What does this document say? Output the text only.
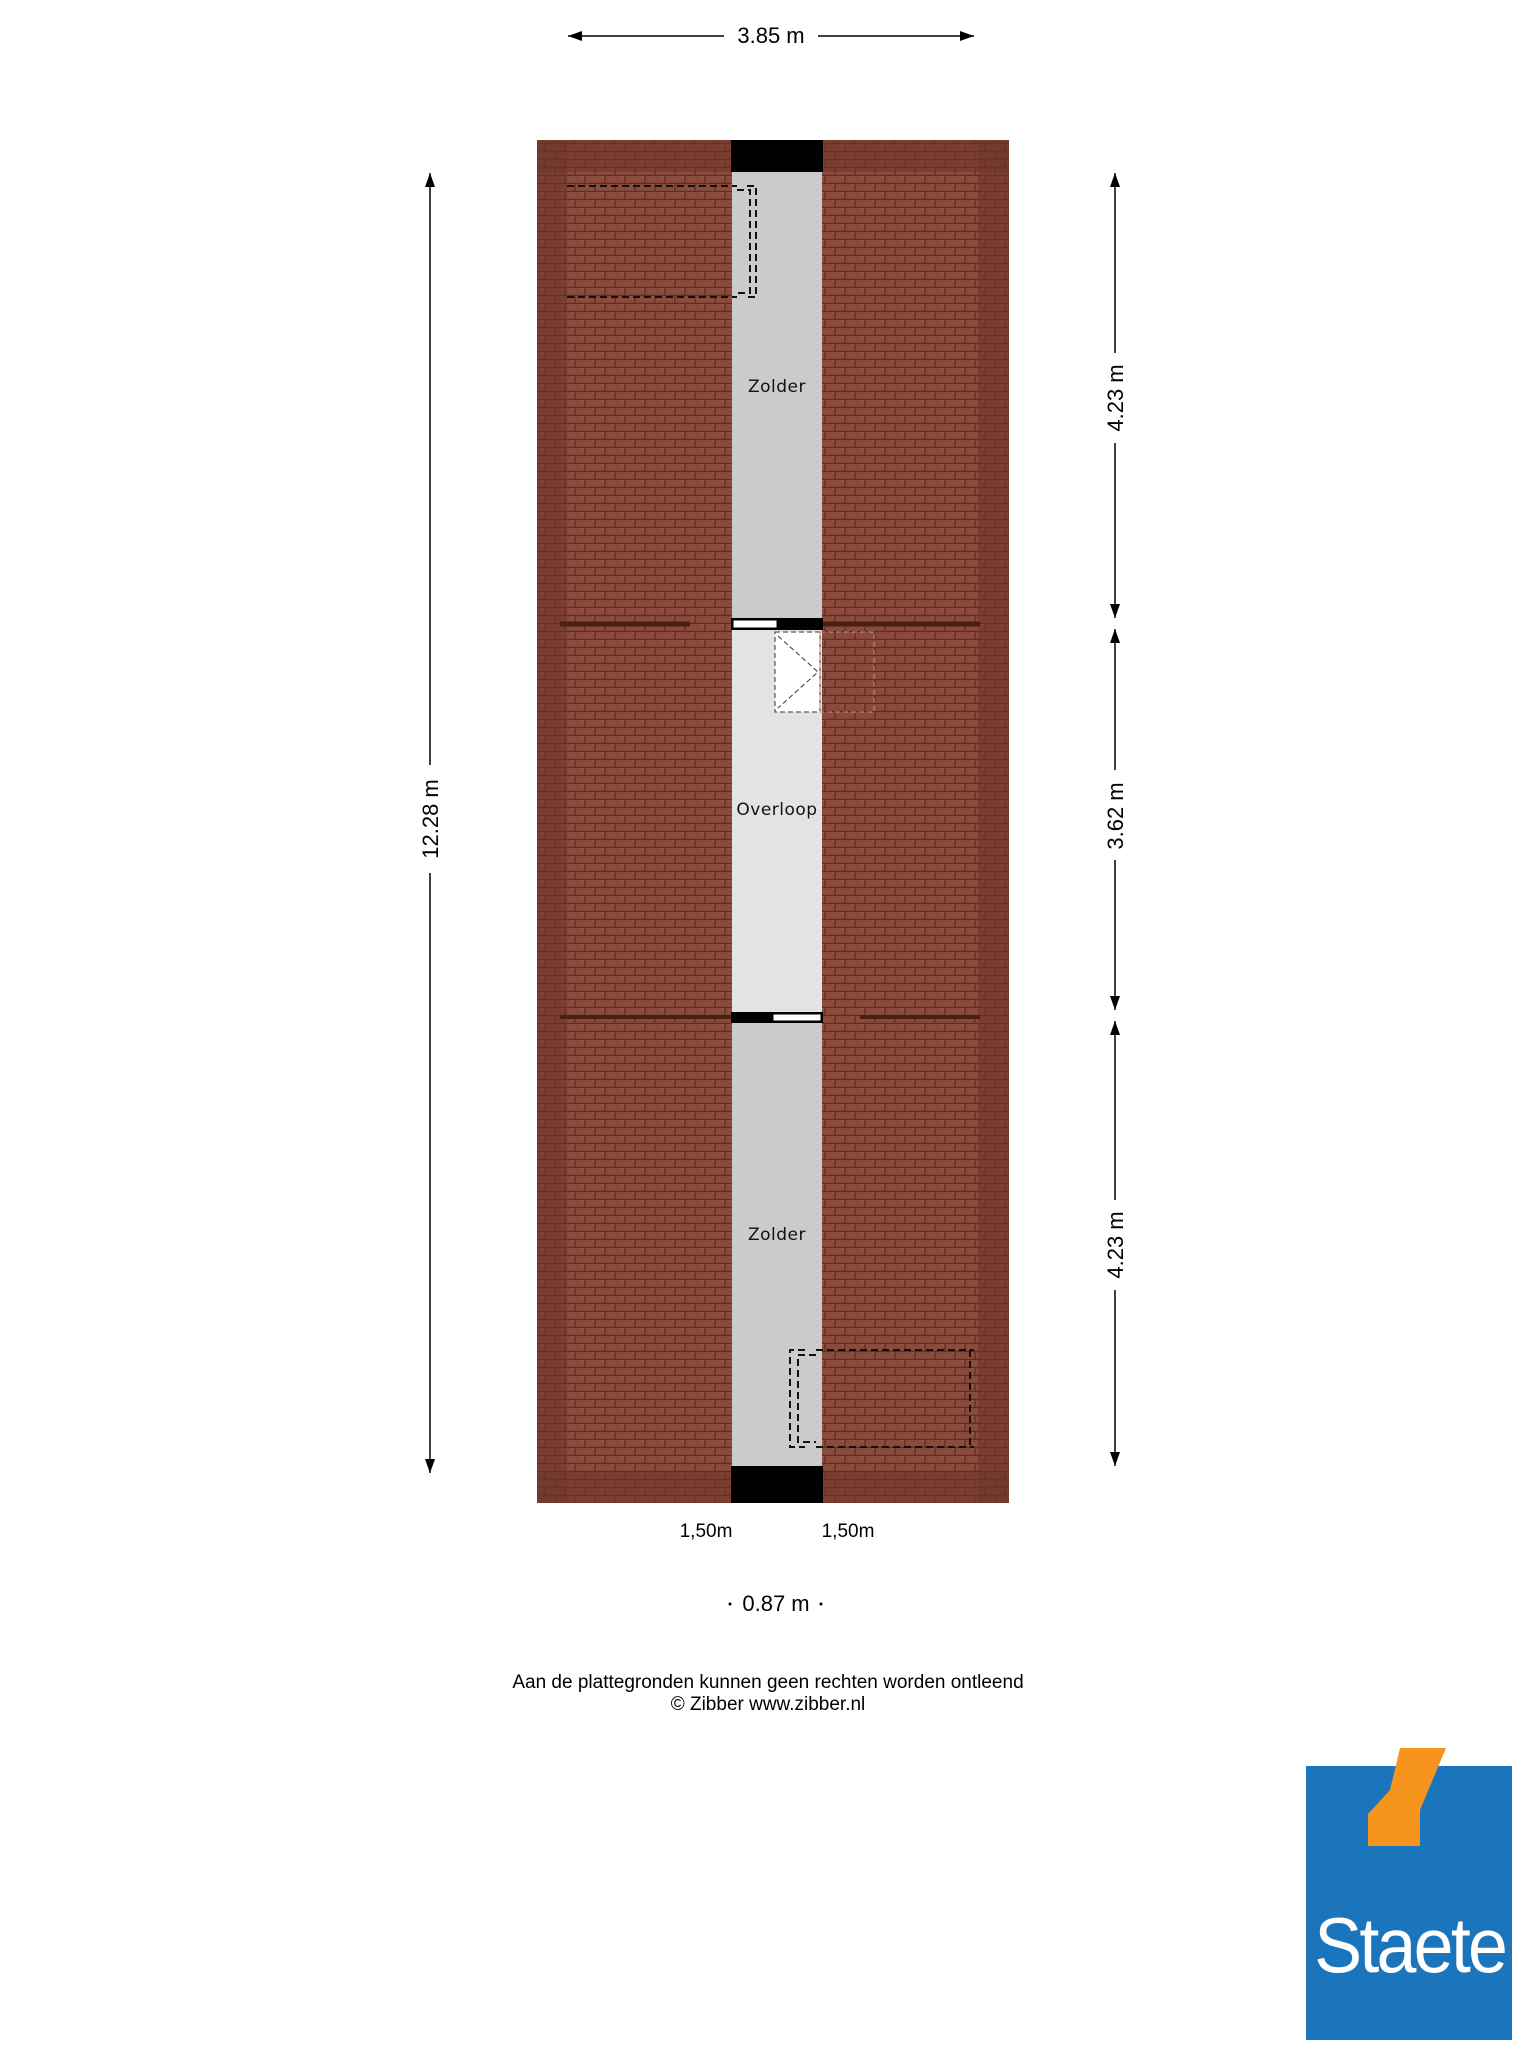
Zolder
Overloop
Zolder
3.85 m
12.28 m
4.23 m
3.62 m
4.23 m
1,50m	1,50m
0.87 m
Aan de plattegronden kunnen geen rechten worden ontleend
© Zibber www.zibber.nl
Staete
